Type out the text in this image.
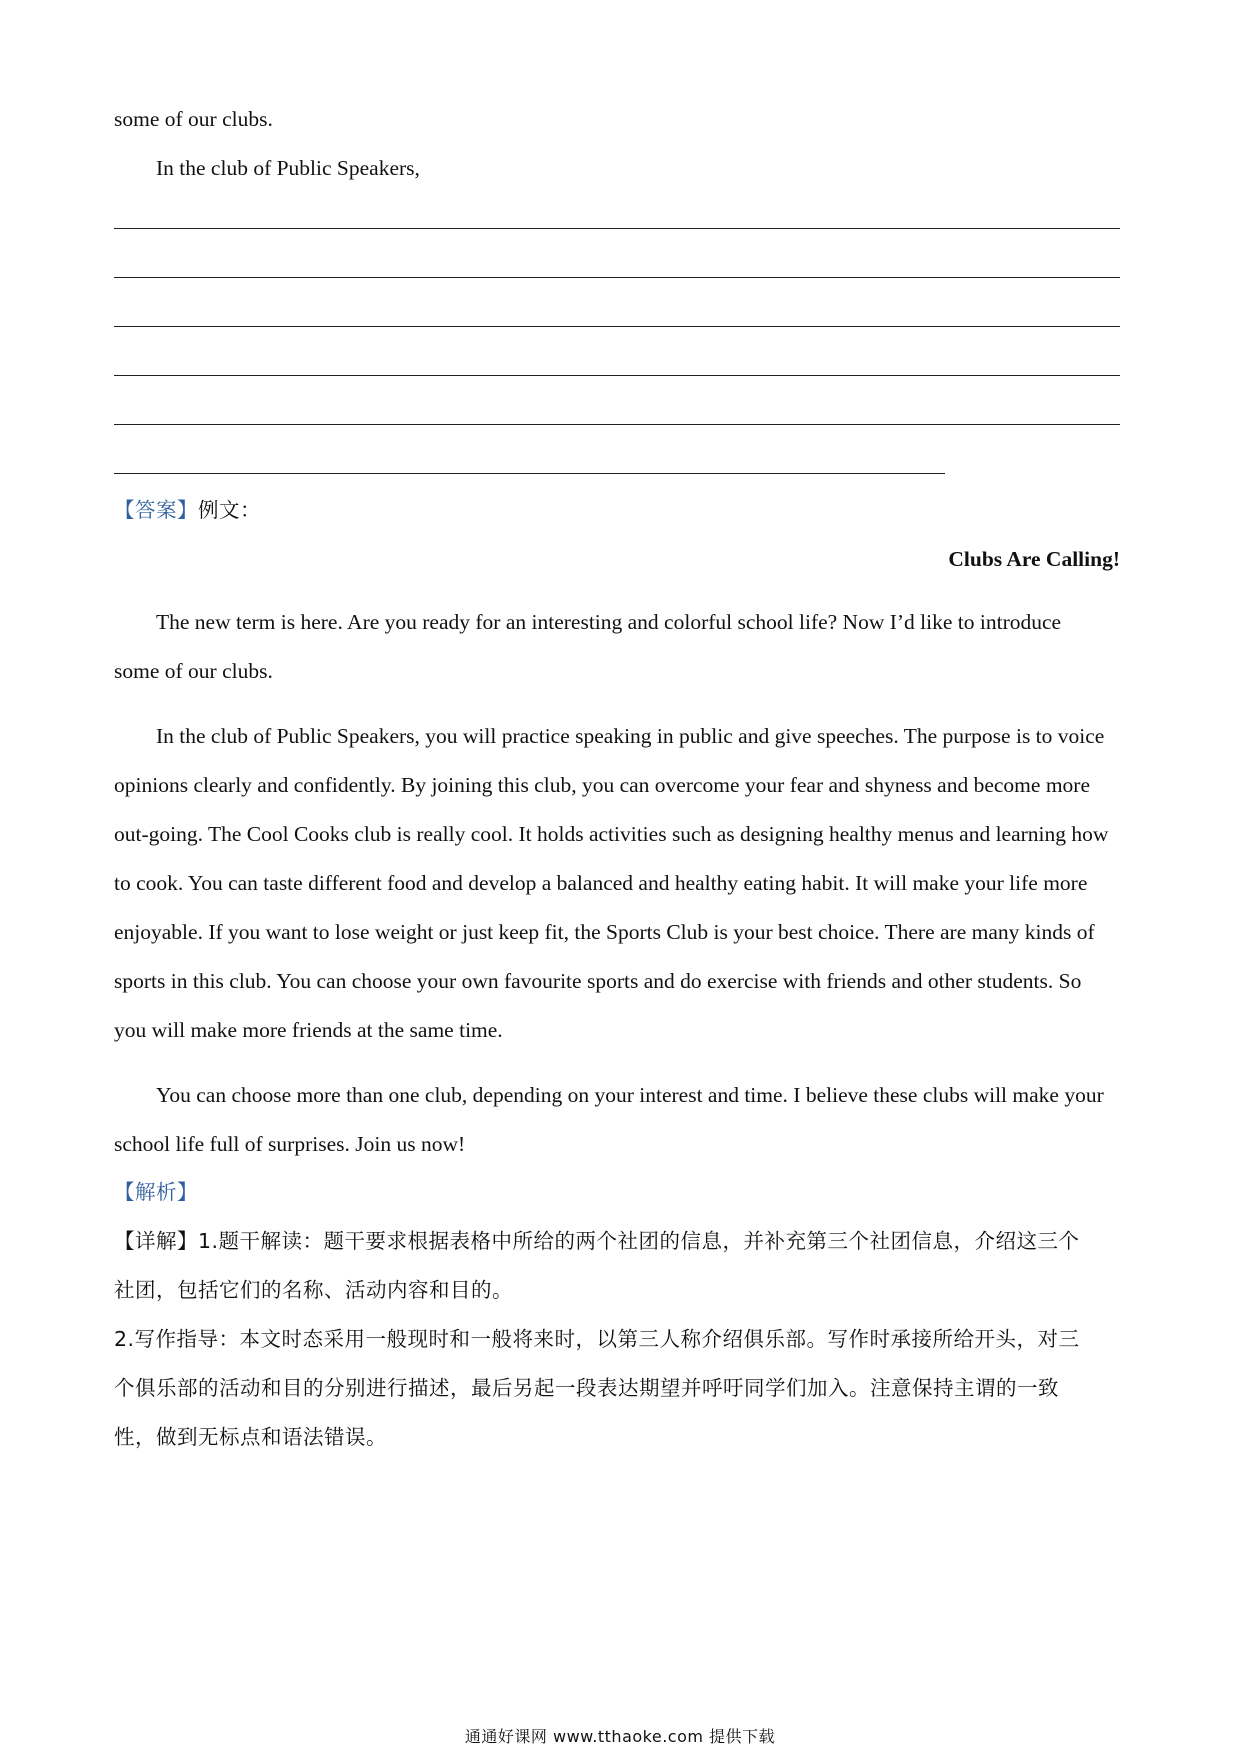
some of our clubs.
In the club of Public Speakers,
【答案】例文：
Clubs Are Calling!
The new term is here. Are you ready for an interesting and colorful school life? Now I’d like to introduce
some of our clubs.
In the club of Public Speakers, you will practice speaking in public and give speeches. The purpose is to voice
opinions clearly and confidently. By joining this club, you can overcome your fear and shyness and become more
out-going. The Cool Cooks club is really cool. It holds activities such as designing healthy menus and learning how
to cook. You can taste different food and develop a balanced and healthy eating habit. It will make your life more
enjoyable. If you want to lose weight or just keep fit, the Sports Club is your best choice. There are many kinds of
sports in this club. You can choose your own favourite sports and do exercise with friends and other students. So
you will make more friends at the same time.
You can choose more than one club, depending on your interest and time. I believe these clubs will make your
school life full of surprises. Join us now!
【解析】
【详解】1.题干解读：题干要求根据表格中所给的两个社团的信息，并补充第三个社团信息，介绍这三个
社团，包括它们的名称、活动内容和目的。
2.写作指导：本文时态采用一般现时和一般将来时，以第三人称介绍俱乐部。写作时承接所给开头，对三
个俱乐部的活动和目的分别进行描述，最后另起一段表达期望并呼吁同学们加入。注意保持主谓的一致
性，做到无标点和语法错误。
通通好课网 www.tthaoke.com 提供下载
